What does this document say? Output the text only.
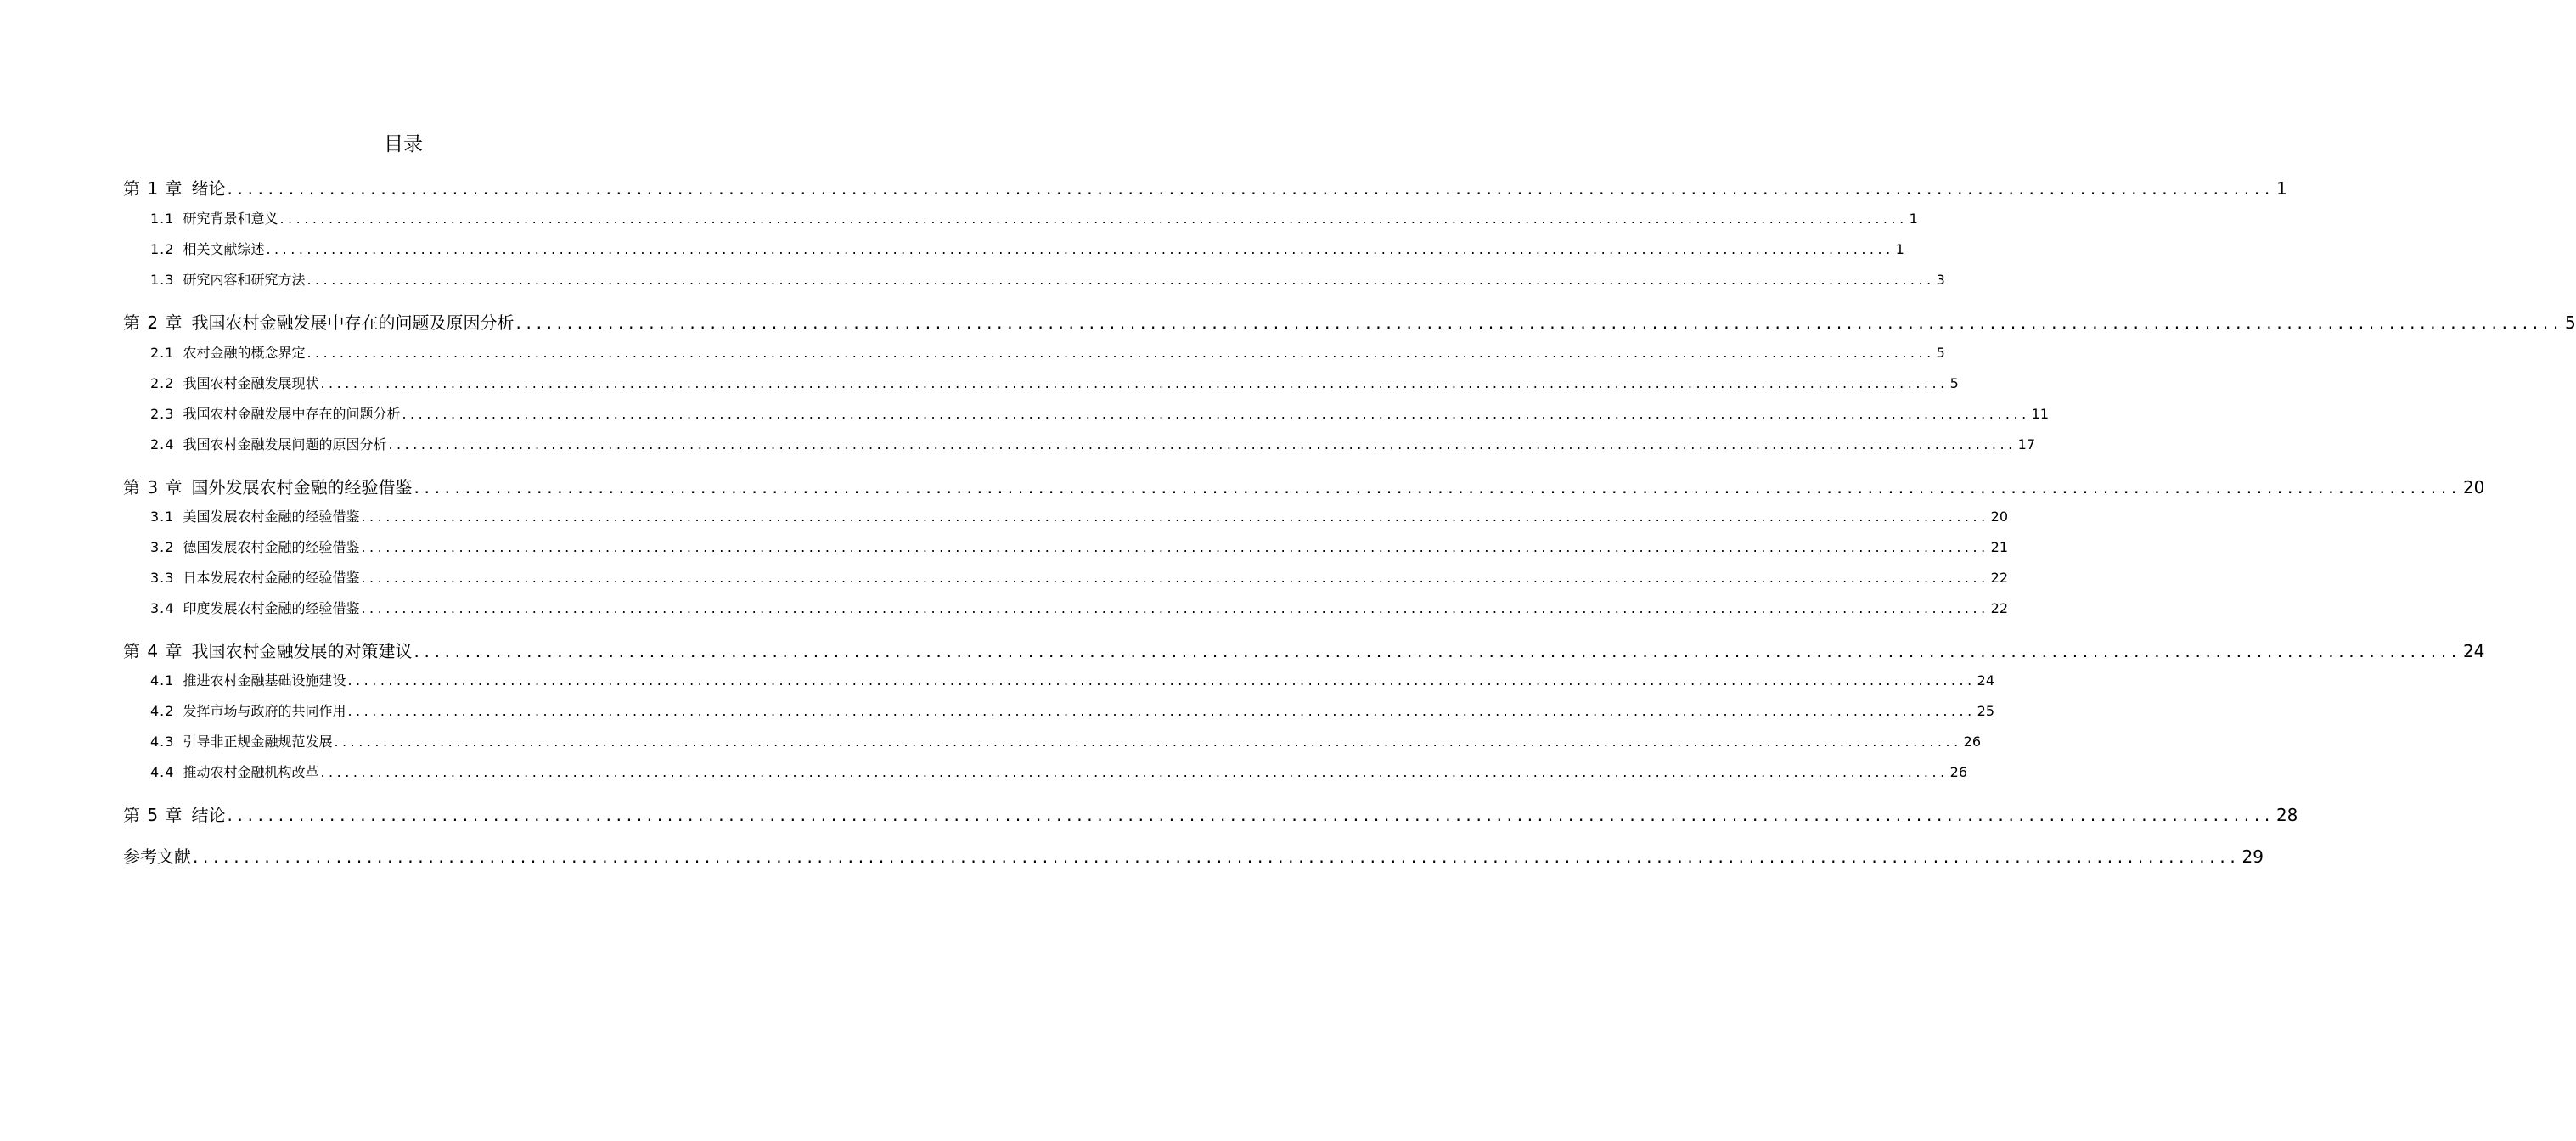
目录
第 1 章 绪论 ........................................................................................................................................................................................................ 1
1.1 研究背景和意义 ........................................................................................................................................................................................................ 1
1.2 相关文献综述 ........................................................................................................................................................................................................ 1
1.3 研究内容和研究方法 ........................................................................................................................................................................................................ 3
第 2 章 我国农村金融发展中存在的问题及原因分析 ........................................................................................................................................................................................................ 5
2.1 农村金融的概念界定 ........................................................................................................................................................................................................ 5
2.2 我国农村金融发展现状 ........................................................................................................................................................................................................ 5
2.3 我国农村金融发展中存在的问题分析 ........................................................................................................................................................................................................ 11
2.4 我国农村金融发展问题的原因分析 ........................................................................................................................................................................................................ 17
第 3 章 国外发展农村金融的经验借鉴 ........................................................................................................................................................................................................ 20
3.1 美国发展农村金融的经验借鉴 ........................................................................................................................................................................................................ 20
3.2 德国发展农村金融的经验借鉴 ........................................................................................................................................................................................................ 21
3.3 日本发展农村金融的经验借鉴 ........................................................................................................................................................................................................ 22
3.4 印度发展农村金融的经验借鉴 ........................................................................................................................................................................................................ 22
第 4 章 我国农村金融发展的对策建议 ........................................................................................................................................................................................................ 24
4.1 推进农村金融基础设施建设 ........................................................................................................................................................................................................ 24
4.2 发挥市场与政府的共同作用 ........................................................................................................................................................................................................ 25
4.3 引导非正规金融规范发展 ........................................................................................................................................................................................................ 26
4.4 推动农村金融机构改革 ........................................................................................................................................................................................................ 26
第 5 章 结论 ........................................................................................................................................................................................................ 28
参考文献 ........................................................................................................................................................................................................ 29
